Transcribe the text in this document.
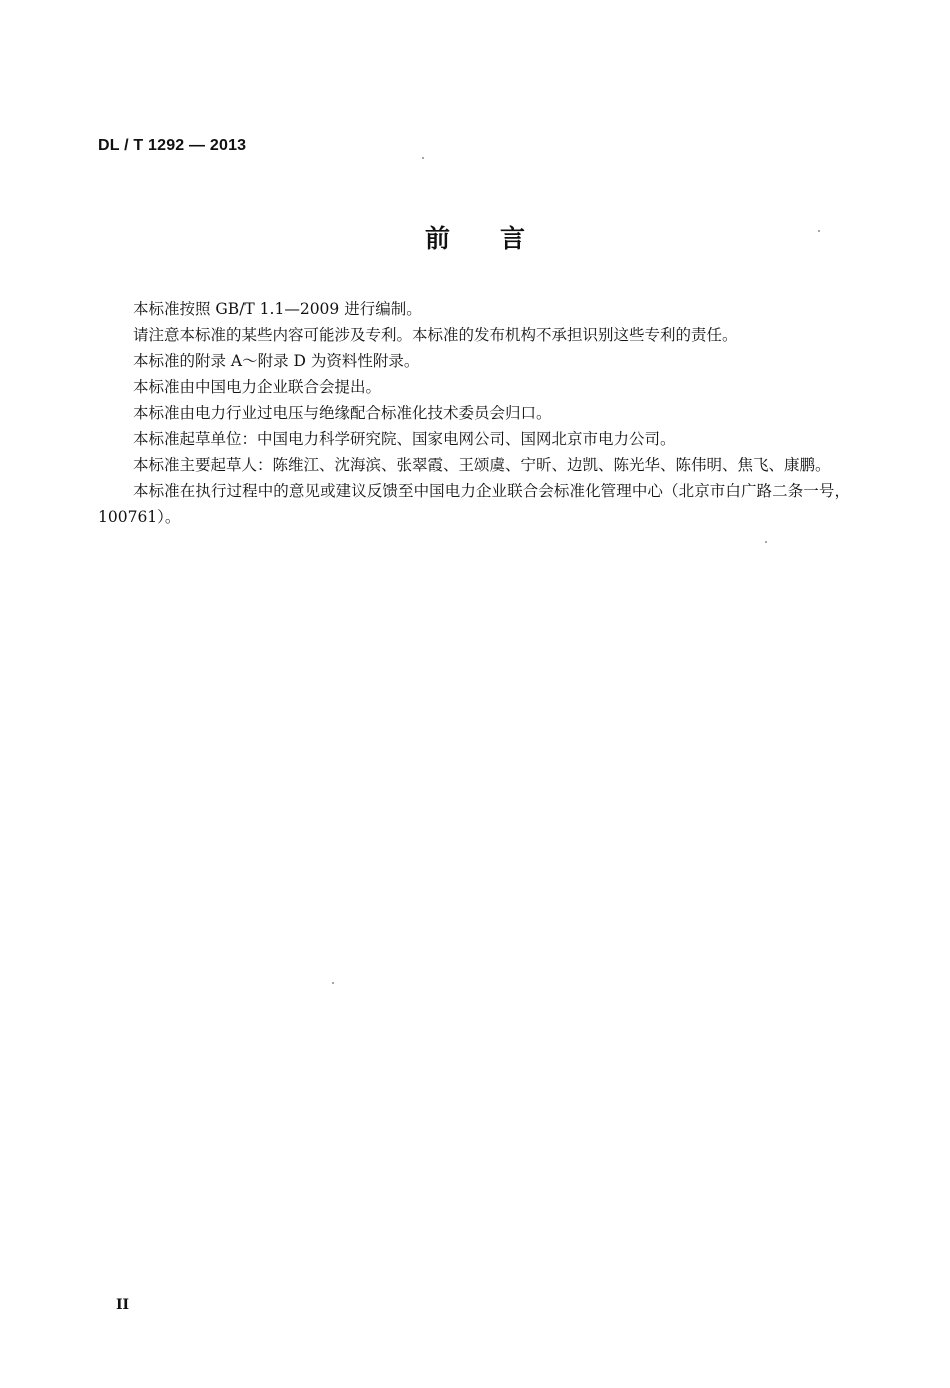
DL / T 1292 — 2013
前言

本标准按照 GB/T 1.1—2009 进行编制。

请注意本标准的某些内容可能涉及专利。本标准的发布机构不承担识别这些专利的责任。

本标准的附录 A～附录 D 为资料性附录。

本标准由中国电力企业联合会提出。

本标准由电力行业过电压与绝缘配合标准化技术委员会归口。

本标准起草单位：中国电力科学研究院、国家电网公司、国网北京市电力公司。

本标准主要起草人：陈维江、沈海滨、张翠霞、王颂虞、宁昕、边凯、陈光华、陈伟明、焦飞、康鹏。

本标准在执行过程中的意见或建议反馈至中国电力企业联合会标准化管理中心（北京市白广路二条一号，100761）。

II
